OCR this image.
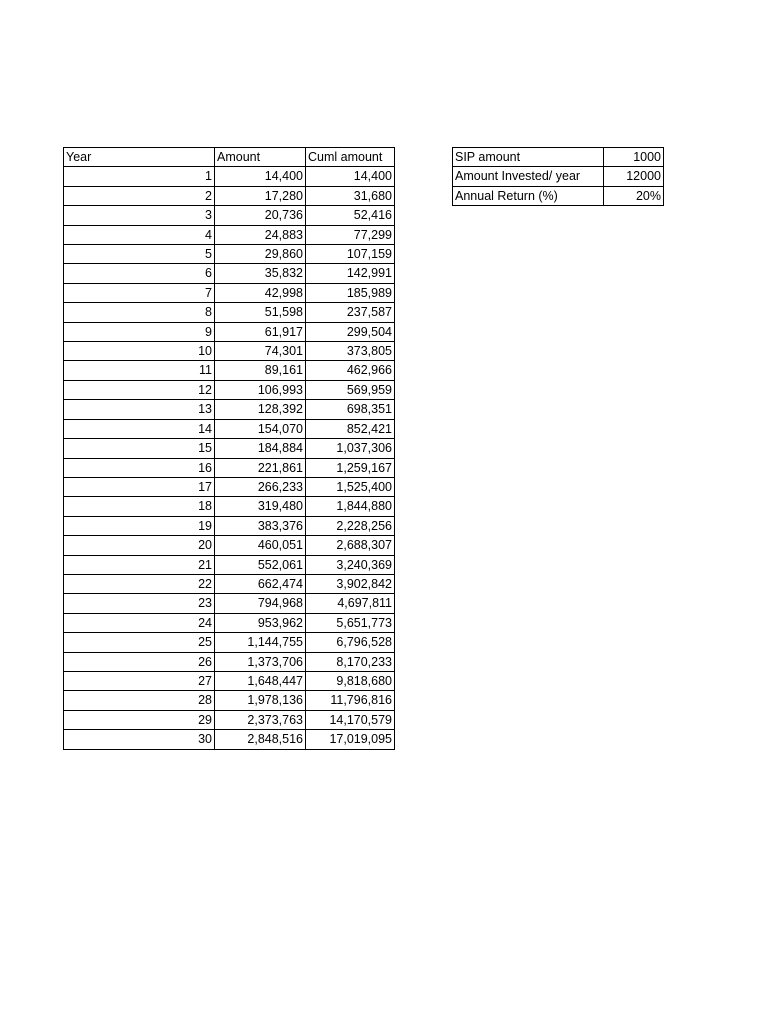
Year	Amount	Cuml amount
1	14,400	14,400
2	17,280	31,680
3	20,736	52,416
4	24,883	77,299
5	29,860	107,159
6	35,832	142,991
7	42,998	185,989
8	51,598	237,587
9	61,917	299,504
10	74,301	373,805
11	89,161	462,966
12	106,993	569,959
13	128,392	698,351
14	154,070	852,421
15	184,884	1,037,306
16	221,861	1,259,167
17	266,233	1,525,400
18	319,480	1,844,880
19	383,376	2,228,256
20	460,051	2,688,307
21	552,061	3,240,369
22	662,474	3,902,842
23	794,968	4,697,811
24	953,962	5,651,773
25	1,144,755	6,796,528
26	1,373,706	8,170,233
27	1,648,447	9,818,680
28	1,978,136	11,796,816
29	2,373,763	14,170,579
30	2,848,516	17,019,095
SIP amount	1000
Amount Invested/ year	12000
Annual Return (%)	20%
